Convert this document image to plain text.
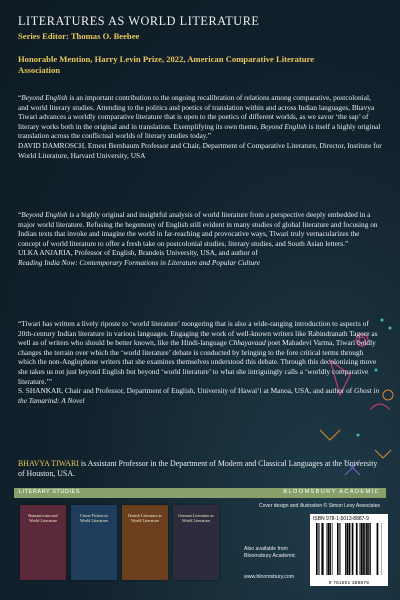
LITERATURES AS WORLD LITERATURE
Series Editor: Thomas O. Beebee
Honorable Mention, Harry Levin Prize, 2022, American Comparative Literature Association
“Beyond English is an important contribution to the ongoing recalibration of relations among comparative, postcolonial, and world literary studies. Attending to the politics and poetics of translation within and across Indian languages, Bhavya Tiwari advances a worldly comparative literature that is open to the poetics of different worlds, as we savor ‘the sap’ of literary works both in the original and in translation. Exemplifying its own theme, Beyond English is itself a highly original translation across the conflictual worlds of literary studies today.”
DAVID DAMROSCH, Ernest Bernbaum Professor and Chair, Department of Comparative Literature, Director, Institute for World Literature, Harvard University, USA
“Beyond English is a highly original and insightful analysis of world literature from a perspective deeply embedded in a major world literature. Refusing the hegemony of English still evident in many studies of global literature and focusing on Indian texts that invoke and imagine the world in far-reaching and provocative ways, Tiwari truly vernacularizes the concept of world literature to offer a fresh take on postcolonial studies, literary studies, and South Asian letters.”
ULKA ANJARIA, Professor of English, Brandeis University, USA, and author of
Reading India Now: Contemporary Formations in Literature and Popular Culture
“Tiwari has written a lively riposte to ‘world literature’ mongering that is also a wide-ranging introduction to aspects of 20th-century Indian literature in various languages. Engaging the work of well-known writers like Rabindranath Tagore as well as of writers who should be better known, like the Hindi-language Chhayavaad poet Mahadevi Varma, Tiwari boldly changes the terrain over which the ‘world literature’ debate is conducted by bringing to the fore critical terms through which the non-Anglophone writers that she examines themselves understood this debate. Through this decolonizing move she takes us not just beyond English but beyond ‘world literature’ to what she intriguingly calls a ‘worldly comparative literature.’”
S. SHANKAR, Chair and Professor, Department of English, University of Hawai‘i at Manoa, USA, and author of Ghost in the Tamarind: A Novel
BHAVYA TIWARI is Assistant Professor in the Department of Modern and Classical Languages at the University of Houston, USA.
LITERARY STUDIES	BLOOMSBURY ACADEMIC
Cover design and illustration © Simon Levy Associates
Romanticism and World Literature
Crime Fiction as World Literature
Danish Literature as World Literature
German Literature as World Literature
Also available from Bloomsbury Academic
www.bloomsbury.com
ISBN 978-1-5013-8887-9
9 781501 388879
